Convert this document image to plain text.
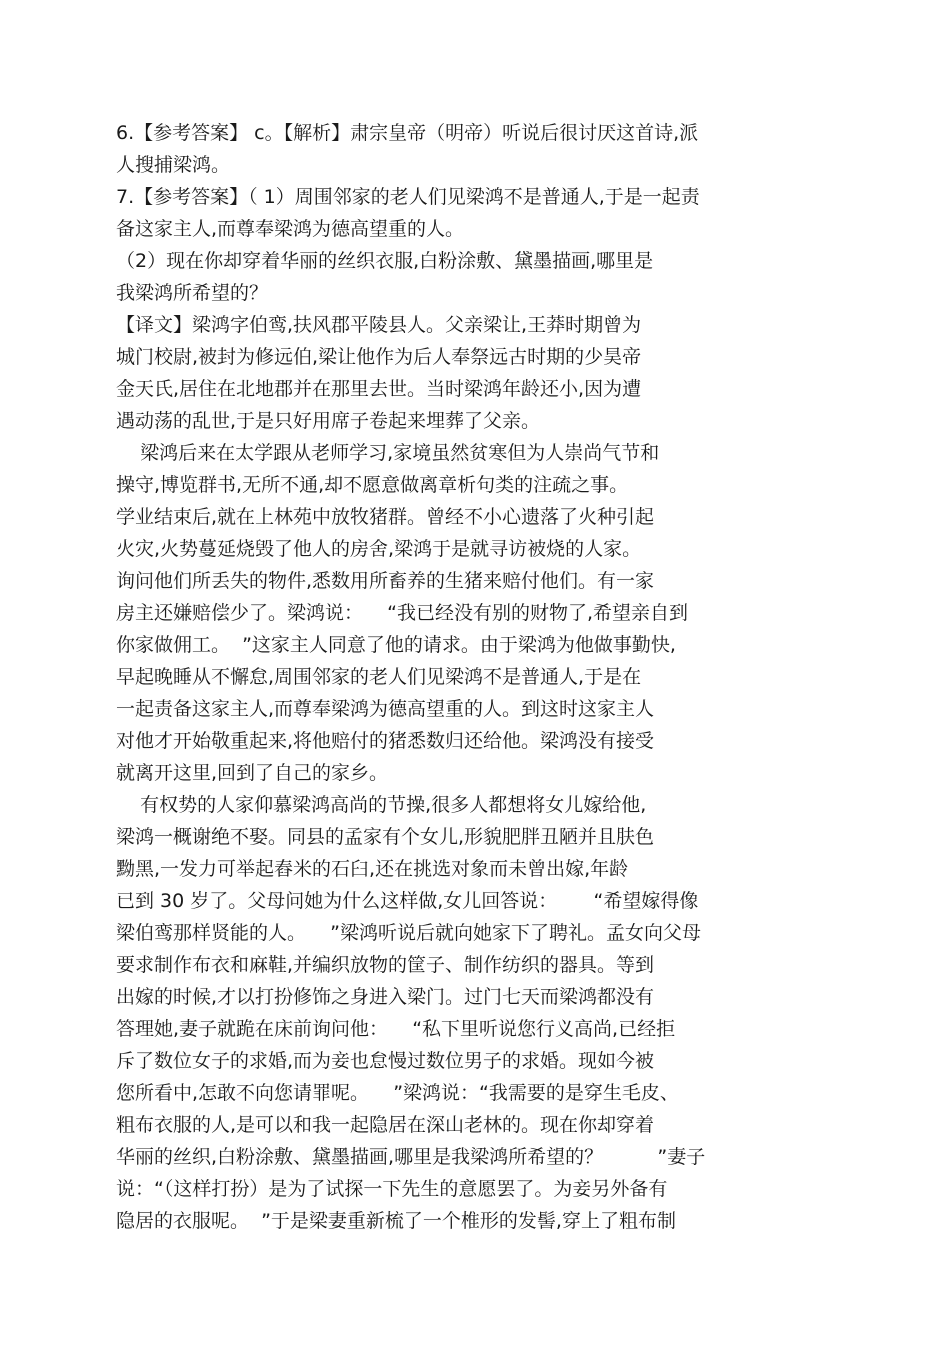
6.【参考答案】 c。【解析】肃宗皇帝（明帝）听说后很讨厌这首诗,派
人搜捕梁鸿。
7.【参考答案】（ 1）周围邻家的老人们见梁鸿不是普通人,于是一起责
备这家主人,而尊奉梁鸿为德高望重的人。
（2）现在你却穿着华丽的丝织衣服,白粉涂敷、黛墨描画,哪里是
我梁鸿所希望的？
【译文】梁鸿字伯鸾,扶风郡平陵县人。父亲梁让,王莽时期曾为
城门校尉,被封为修远伯,梁让他作为后人奉祭远古时期的少昊帝
金天氏,居住在北地郡并在那里去世。当时梁鸿年龄还小,因为遭
遇动荡的乱世,于是只好用席子卷起来埋葬了父亲。
梁鸿后来在太学跟从老师学习,家境虽然贫寒但为人崇尚气节和
操守,博览群书,无所不通,却不愿意做离章析句类的注疏之事。
学业结束后,就在上林苑中放牧猪群。曾经不小心遗落了火种引起
火灾,火势蔓延烧毁了他人的房舍,梁鸿于是就寻访被烧的人家。
询问他们所丢失的物件,悉数用所畜养的生猪来赔付他们。有一家
房主还嫌赔偿少了。梁鸿说：    “我已经没有别的财物了,希望亲自到
你家做佣工。  ”这家主人同意了他的请求。由于梁鸿为他做事勤快,
早起晚睡从不懈怠,周围邻家的老人们见梁鸿不是普通人,于是在
一起责备这家主人,而尊奉梁鸿为德高望重的人。到这时这家主人
对他才开始敬重起来,将他赔付的猪悉数归还给他。梁鸿没有接受
就离开这里,回到了自己的家乡。
有权势的人家仰慕梁鸿高尚的节操,很多人都想将女儿嫁给他,
梁鸿一概谢绝不娶。同县的孟家有个女儿,形貌肥胖丑陋并且肤色
黝黑,一发力可举起舂米的石臼,还在挑选对象而未曾出嫁,年龄
已到 30 岁了。父母问她为什么这样做,女儿回答说：      “希望嫁得像
梁伯鸾那样贤能的人。    ”梁鸿听说后就向她家下了聘礼。孟女向父母
要求制作布衣和麻鞋,并编织放物的筐子、制作纺织的器具。等到
出嫁的时候,才以打扮修饰之身进入梁门。过门七天而梁鸿都没有
答理她,妻子就跪在床前询问他：    “私下里听说您行义高尚,已经拒
斥了数位女子的求婚,而为妾也怠慢过数位男子的求婚。现如今被
您所看中,怎敢不向您请罪呢。    ”梁鸿说：“我需要的是穿生毛皮、
粗布衣服的人,是可以和我一起隐居在深山老林的。现在你却穿着
华丽的丝织,白粉涂敷、黛墨描画,哪里是我梁鸿所希望的？         ”妻子
说：“（这样打扮）是为了试探一下先生的意愿罢了。为妾另外备有
隐居的衣服呢。  ”于是梁妻重新梳了一个椎形的发髻,穿上了粗布制
